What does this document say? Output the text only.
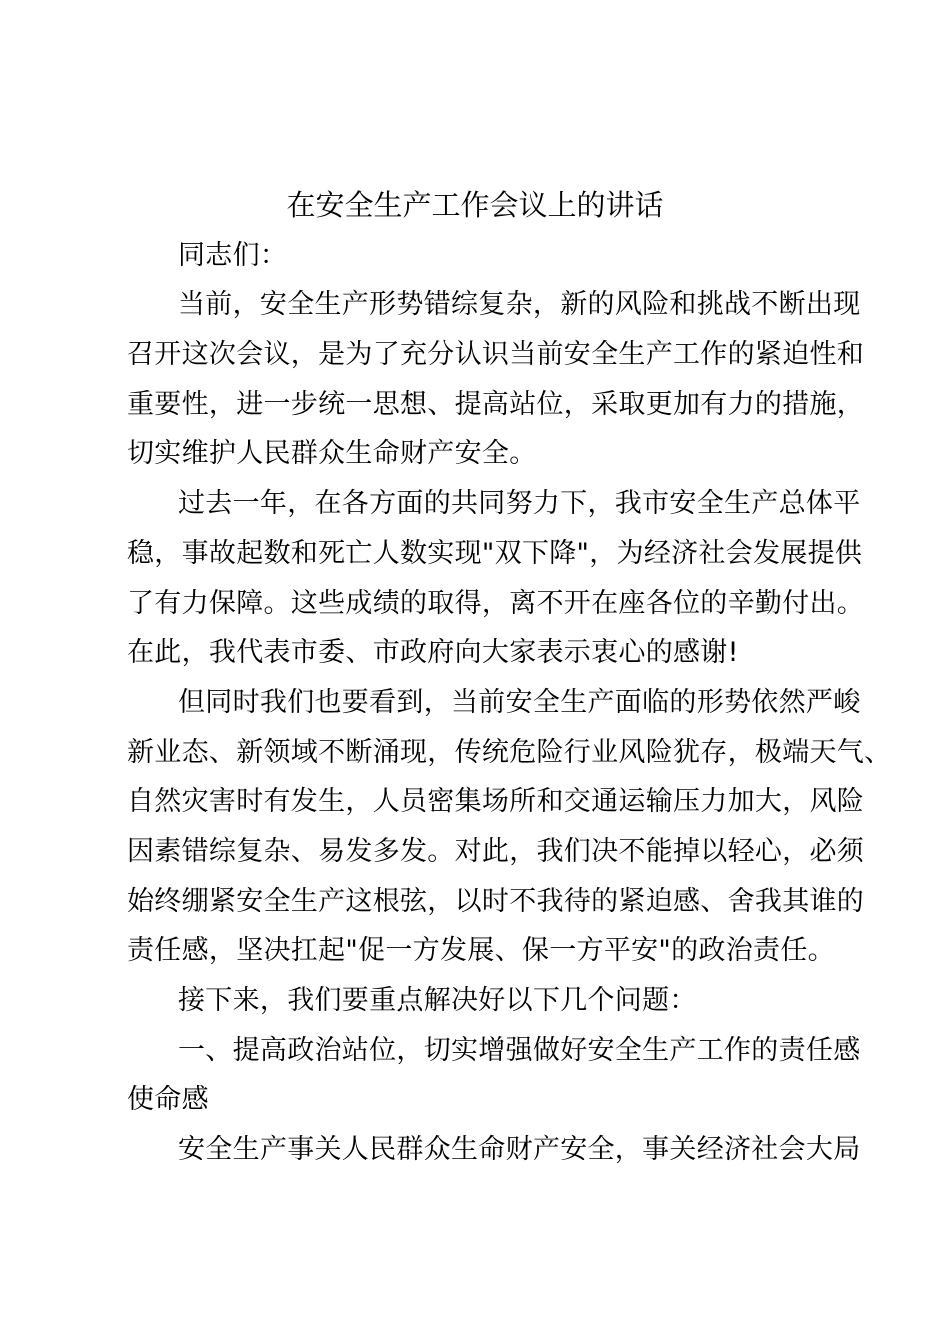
在安全生产工作会议上的讲话
同志们：
当前，安全生产形势错综复杂，新的风险和挑战不断出现
召开这次会议，是为了充分认识当前安全生产工作的紧迫性和
重要性，进一步统一思想、提高站位，采取更加有力的措施，
切实维护人民群众生命财产安全。
过去一年，在各方面的共同努力下，我市安全生产总体平
稳，事故起数和死亡人数实现"双下降"，为经济社会发展提供
了有力保障。这些成绩的取得，离不开在座各位的辛勤付出。
在此，我代表市委、市政府向大家表示衷心的感谢!
但同时我们也要看到，当前安全生产面临的形势依然严峻
新业态、新领域不断涌现，传统危险行业风险犹存，极端天气、
自然灾害时有发生，人员密集场所和交通运输压力加大，风险
因素错综复杂、易发多发。对此，我们决不能掉以轻心，必须
始终绷紧安全生产这根弦，以时不我待的紧迫感、舍我其谁的
责任感，坚决扛起"促一方发展、保一方平安"的政治责任。
接下来，我们要重点解决好以下几个问题：
一、提高政治站位，切实增强做好安全生产工作的责任感
使命感
安全生产事关人民群众生命财产安全，事关经济社会大局
